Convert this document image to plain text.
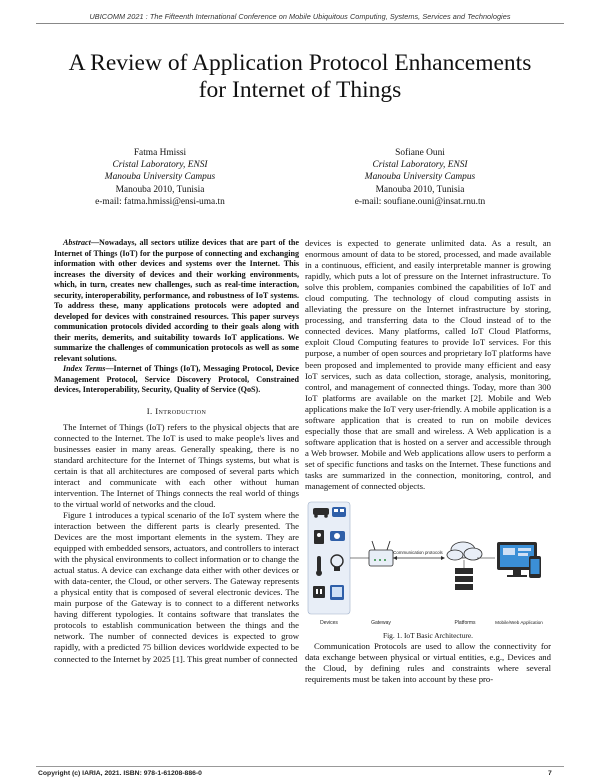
UBICOMM 2021 : The Fifteenth International Conference on Mobile Ubiquitous Computing, Systems, Services and Technologies
A Review of Application Protocol Enhancements
for Internet of Things
Fatma Hmissi
Cristal Laboratory, ENSI
Manouba University Campus
Manouba 2010, Tunisia
e-mail: fatma.hmissi@ensi-uma.tn
Sofiane Ouni
Cristal Laboratory, ENSI
Manouba University Campus
Manouba 2010, Tunisia
e-mail: soufiane.ouni@insat.rnu.tn

Abstract—Nowadays, all sectors utilize devices that are part of the Internet of Things (IoT) for the purpose of connecting and exchanging information with other devices and systems over the Internet. This increases the diversity of devices and their working environments, which, in turn, creates new challenges, such as real-time interaction, security, interoperability, performance, and robustness of IoT systems. To address these, many applications protocols were adopted and developed for devices with constrained resources. This paper surveys communication protocols divided according to their goals along with their merits, demerits, and suitability towards IoT applications. We summarize the challenges of communication protocols as well as some relevant solutions.

Index Terms—Internet of Things (IoT), Messaging Protocol, Device Management Protocol, Service Discovery Protocol, Constrained devices, Interoperability, Security, Quality of Service (QoS).

I. Introduction

The Internet of Things (IoT) refers to the physical objects that are connected to the Internet. The IoT is used to make people's lives and businesses easier in many areas. Generally speaking, there is no standard architecture for the Internet of Things systems, but what is certain is that all architectures are composed of several parts which interact and communicate with each other without human intervention. The Internet of Things connects the real world of things to the virtual world of networks and the cloud.

Figure 1 introduces a typical scenario of the IoT system where the interaction between the different parts is clearly presented. The Devices are the most important elements in the system. They are equipped with embedded sensors, actuators, and controllers to interact with the physical environments to collect information or to change the actual status. A device can exchange data either with other devices or with data-center, the Cloud, or other servers. The Gateway represents a physical entity that is composed of several electronic devices. The main purpose of the Gateway is to connect to a different networks having different typologies. It contains software that translates the protocols to establish communication between the things and the network. The number of connected devices is expected to grow rapidly, with a predicted 75 billion devices worldwide expected to be connected to the Internet by 2025 [1]. This great number of connected

devices is expected to generate unlimited data. As a result, an enormous amount of data to be stored, processed, and made available in a continuous, efficient, and easily interpretable manner is growing rapidly, which puts a lot of pressure on the Internet infrastructure. To solve this problem, companies combined the capabilities of IoT and cloud computing. The technology of cloud computing assists in alleviating the pressure on the Internet infrastructure by storing, processing, and transferring data to the Cloud instead of to the connected devices. Many platforms, called IoT Cloud Platforms, exploit Cloud Computing features to provide IoT services. For this purpose, a number of open sources and proprietary IoT platforms have been proposed and implemented to provide many efficient and easy IoT services, such as data collection, storage, analysis, monitoring, control, and management of connected things. Today, more than 300 IoT platforms are available on the market [2]. Mobile and Web applications make the IoT very user-friendly. A mobile application is a software application that is created to run on mobile devices especially those that are small and wireless. A Web application is a software application that is hosted on a server and accessible through a Web browser. Mobile and Web applications allow users to perform a set of specific functions and tasks on the Internet. These functions and tasks are summarized in the connection, monitoring, control, and management of connected objects.

Devices	Gateway
Communication protocols
Platforms	Mobile/Web Application

Fig. 1. IoT Basic Architecture.

Communication Protocols are used to allow the connectivity for data exchange between physical or virtual entities, e.g., Devices and the Cloud, by defining rules and constraints where several requirements must be taken into account by these pro-

Copyright (c) IARIA, 2021. ISBN: 978-1-61208-886-0	7
